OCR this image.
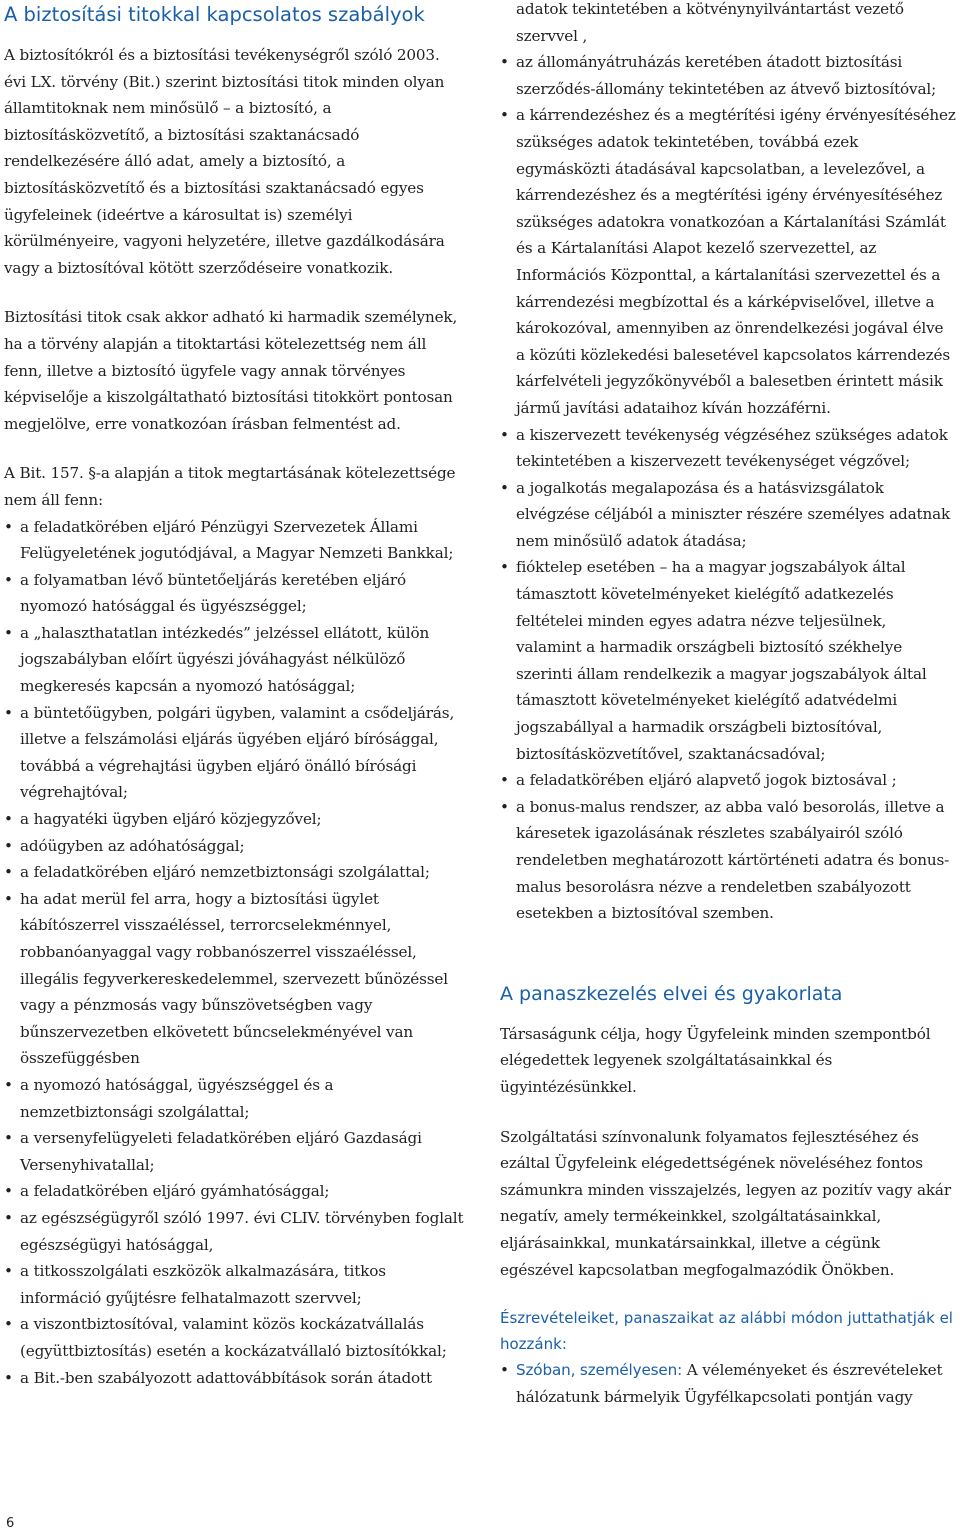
A biztosítási titokkal kapcsolatos szabályok

A biztosítókról és a biztosítási tevékenységről szóló 2003. évi LX. törvény (Bit.) szerint biztosítási titok minden olyan államtitoknak nem minősülő – a biztosító, a biztosításközvetítő, a biztosítási szaktanácsadó rendelkezésére álló adat, amely a biztosító, a biztosításközvetítő és a biztosítási szaktanácsadó egyes ügyfeleinek (ideértve a károsultat is) személyi körülményeire, vagyoni helyzetére, illetve gazdálkodására vagy a biztosítóval kötött szerződéseire vonatkozik.

Biztosítási titok csak akkor adható ki harmadik személynek, ha a törvény alapján a titoktartási kötelezettség nem áll fenn, illetve a biztosító ügyfele vagy annak törvényes képviselője a kiszolgáltatható biztosítási titokkört pontosan megjelölve, erre vonatkozóan írásban felmentést ad.

A Bit. 157. §-a alapján a titok megtartásának kötelezettsége nem áll fenn:

• a feladatkörében eljáró Pénzügyi Szervezetek Állami Felügyeletének jogutódjával, a Magyar Nemzeti Bankkal;
• a folyamatban lévő büntetőeljárás keretében eljáró nyomozó hatósággal és ügyészséggel;
• a „halaszthatatlan intézkedés” jelzéssel ellátott, külön jogszabályban előírt ügyészi jóváhagyást nélkülöző megkeresés kapcsán a nyomozó hatósággal;
• a büntetőügyben, polgári ügyben, valamint a csődeljárás, illetve a felszámolási eljárás ügyében eljáró bírósággal, továbbá a végrehajtási ügyben eljáró önálló bírósági végrehajtóval;
• a hagyatéki ügyben eljáró közjegyzővel;
• adóügyben az adóhatósággal;
• a feladatkörében eljáró nemzetbiztonsági szolgálattal;
• ha adat merül fel arra, hogy a biztosítási ügylet kábítószerrel visszaéléssel, terrorcselekménnyel, robbanóanyaggal vagy robbanószerrel visszaéléssel, illegális fegyverkereskedelemmel, szervezett bűnözéssel vagy a pénzmosás vagy bűnszövetségben vagy bűnszervezetben elkövetett bűncselekményével van összefüggésben
• a nyomozó hatósággal, ügyészséggel és a nemzetbiztonsági szolgálattal;
• a versenyfelügyeleti feladatkörében eljáró Gazdasági Versenyhivatallal;
• a feladatkörében eljáró gyámhatósággal;
• az egészségügyről szóló 1997. évi CLIV. törvényben foglalt egészségügyi hatósággal,
• a titkosszolgálati eszközök alkalmazására, titkos információ gyűjtésre felhatalmazott szervvel;
• a viszontbiztosítóval, valamint közös kockázatvállalás (együttbiztosítás) esetén a kockázatvállaló biztosítókkal;
• a Bit.-ben szabályozott adattovábbítások során átadott
adatok tekintetében a kötvénynyilvántartást vezető szervvel ,
• az állományátruházás keretében átadott biztosítási szerződés-állomány tekintetében az átvevő biztosítóval;
• a kárrendezéshez és a megtérítési igény érvényesítéséhez szükséges adatok tekintetében, továbbá ezek egymásközti átadásával kapcsolatban, a levelezővel, a kárrendezéshez és a megtérítési igény érvényesítéséhez szükséges adatokra vonatkozóan a Kártalanítási Számlát és a Kártalanítási Alapot kezelő szervezettel, az Információs Központtal, a kártalanítási szervezettel és a kárrendezési megbízottal és a kárképviselővel, illetve a károkozóval, amennyiben az önrendelkezési jogával élve a közúti közlekedési balesetével kapcsolatos kárrendezés kárfelvételi jegyzőkönyvéből a balesetben érintett másik jármű javítási adataihoz kíván hozzáférni.
• a kiszervezett tevékenység végzéséhez szükséges adatok tekintetében a kiszervezett tevékenységet végzővel;
• a jogalkotás megalapozása és a hatásvizsgálatok elvégzése céljából a miniszter részére személyes adatnak nem minősülő adatok átadása;
• fióktelep esetében – ha a magyar jogszabályok által támasztott követelményeket kielégítő adatkezelés feltételei minden egyes adatra nézve teljesülnek, valamint a harmadik országbeli biztosító székhelye szerinti állam rendelkezik a magyar jogszabályok által támasztott követelményeket kielégítő adatvédelmi jogszabállyal a harmadik országbeli biztosítóval, biztosításközvetítővel, szaktanácsadóval;
• a feladatkörében eljáró alapvető jogok biztosával ;
• a bonus-malus rendszer, az abba való besorolás, illetve a káresetek igazolásának részletes szabályairól szóló rendeletben meghatározott kártörténeti adatra és bonus-malus besorolásra nézve a rendeletben szabályozott esetekben a biztosítóval szemben.
A panaszkezelés elvei és gyakorlata

Társaságunk célja, hogy Ügyfeleink minden szempontból elégedettek legyenek szolgáltatásainkkal és ügyintézésünkkel.

Szolgáltatási színvonalunk folyamatos fejlesztéséhez és ezáltal Ügyfeleink elégedettségének növeléséhez fontos számunkra minden visszajelzés, legyen az pozitív vagy akár negatív, amely termékeinkkel, szolgáltatásainkkal, eljárásainkkal, munkatársainkkal, illetve a cégünk egészével kapcsolatban megfogalmazódik Önökben.

Észrevételeiket, panaszaikat az alábbi módon juttathatják el hozzánk:
• Szóban, személyesen: A véleményeket és észrevételeket hálózatunk bármelyik Ügyfélkapcsolati pontján vagy
6
